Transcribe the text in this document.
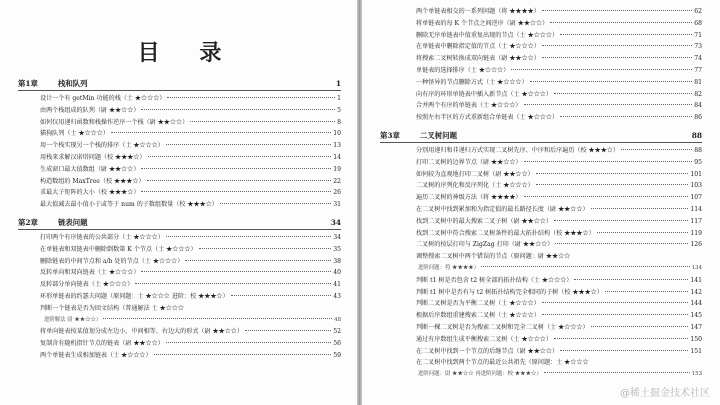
目 录
第1章	栈和队列	1
设计一个有 getMin 功能的栈（士 ★☆☆☆）	1
由两个栈组成的队列（尉 ★★☆☆）	5
如何仅用递归函数和栈操作逆序一个栈（尉 ★★☆☆）	8
猫狗队列（士 ★☆☆☆）	10
用一个栈实现另一个栈的排序（士 ★☆☆☆）	13
用栈来求解汉诺塔问题（校 ★★★☆）	14
生成窗口最大值数组（尉 ★★☆☆）	19
构造数组的 MaxTree（校 ★★★☆）	22
求最大子矩阵的大小（校 ★★★☆）	26
最大值减去最小值小于或等于 num 的子数组数量（校 ★★★☆）	31
第2章	链表问题	34
打印两个有序链表的公共部分（士 ★☆☆☆）	34
在单链表和双链表中删除倒数第 K 个节点（士 ★☆☆☆）	35
删除链表的中间节点和 a/b 处的节点（士 ★☆☆☆）	38
反转单向和双向链表（士 ★☆☆☆）	40
反转部分单向链表（士 ★☆☆☆）	41
环形单链表的约瑟夫问题（原问题：士 ★☆☆☆ 进阶：校 ★★★☆）	43
判断一个链表是否为回文结构（普通解法 士 ★☆☆☆
进阶解法 尉 ★★☆☆）	48
将单向链表按某值划分成左边小、中间相等、右边大的形式（尉 ★★☆☆）	52
复制含有随机指针节点的链表（尉 ★★☆☆）	56
两个单链表生成相加链表（士 ★☆☆☆）	59
两个单链表相交的一系列问题（将 ★★★★）	62
将单链表的每 K 个节点之间逆序（尉 ★★☆☆）	68
删除无序单链表中值重复出现的节点（士 ★☆☆☆）	71
在单链表中删除指定值的节点（士 ★☆☆☆）	73
将搜索二叉树转换成双向链表（尉 ★★☆☆）	74
单链表的选择排序（士 ★☆☆☆）	77
一种怪异的节点删除方式（士 ★☆☆☆）	81
向有序的环形单链表中插入新节点（士 ★☆☆☆）	82
合并两个有序的单链表（士 ★☆☆☆）	84
按照左右半区的方式重新组合单链表（士 ★☆☆☆）	86
第3章	二叉树问题	88
分别用递归和非递归方式实现二叉树先序、中序和后序遍历（校 ★★★☆）	88
打印二叉树的边界节点（尉 ★★☆☆）	95
如何较为直观地打印二叉树（尉 ★★☆☆）	101
二叉树的序列化和反序列化（士 ★☆☆☆）	103
遍历二叉树的神级方法（将 ★★★★）	107
在二叉树中找到累加和为指定值的最长路径长度（尉 ★★☆☆）	114
找到二叉树中的最大搜索二叉子树（尉 ★★☆☆）	117
找到二叉树中符合搜索二叉树条件的最大拓扑结构（校 ★★★☆）	119
二叉树的按层打印与 ZigZag 打印（尉 ★★☆☆）	126
调整搜索二叉树中两个错误的节点（原问题：尉 ★★☆☆
进阶问题：将 ★★★★）	134
判断 t1 树是否包含 t2 树全部的拓扑结构（士 ★☆☆☆）	141
判断 t1 树中是否有与 t2 树拓扑结构完全相同的子树（校 ★★★☆）	142
判断二叉树是否为平衡二叉树（士 ★☆☆☆）	144
根据后序数组重建搜索二叉树（士 ★☆☆☆）	145
判断一棵二叉树是否为搜索二叉树和完全二叉树（士 ★☆☆☆）	147
通过有序数组生成平衡搜索二叉树（士 ★☆☆☆）	150
在二叉树中找到一个节点的后继节点（尉 ★★☆☆）	151
在二叉树中找到两个节点的最近公共祖先（原问题：士 ★☆☆☆
进阶问题：尉 ★★☆☆ 再进阶问题：校 ★★★☆）	153
@稀土掘金技术社区
